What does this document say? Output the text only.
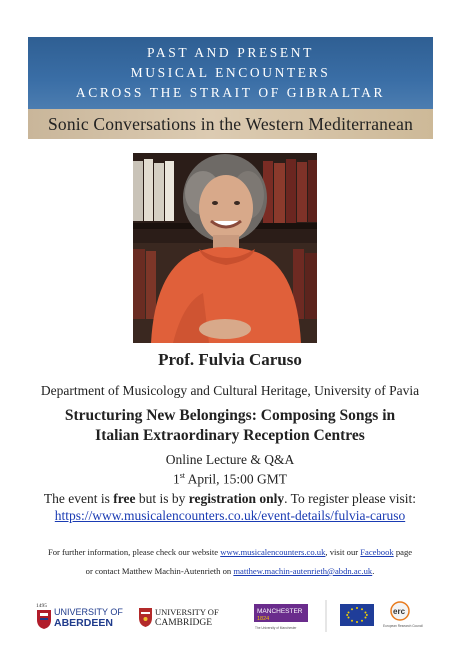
PAST AND PRESENT
MUSICAL ENCOUNTERS
ACROSS THE STRAIT OF GIBRALTAR
Sonic Conversations in the Western Mediterranean
Prof. Fulvia Caruso
Department of Musicology and Cultural Heritage, University of Pavia
Structuring New Belongings: Composing Songs in
Italian Extraordinary Reception Centres
Online Lecture & Q&A
1st April, 15:00 GMT
The event is free but is by registration only. To register please visit:
https://www.musicalencounters.co.uk/event-details/fulvia-caruso
For further information, please check our website www.musicalencounters.co.uk, visit our Facebook page
or contact Matthew Machin-Autenrieth on matthew.machin-autenrieth@abdn.ac.uk.
1495
UNIVERSITY OF
ABERDEEN
UNIVERSITY OF
CAMBRIDGE
MANCHESTER
1824
The University of Manchester
erc
European Research Council
